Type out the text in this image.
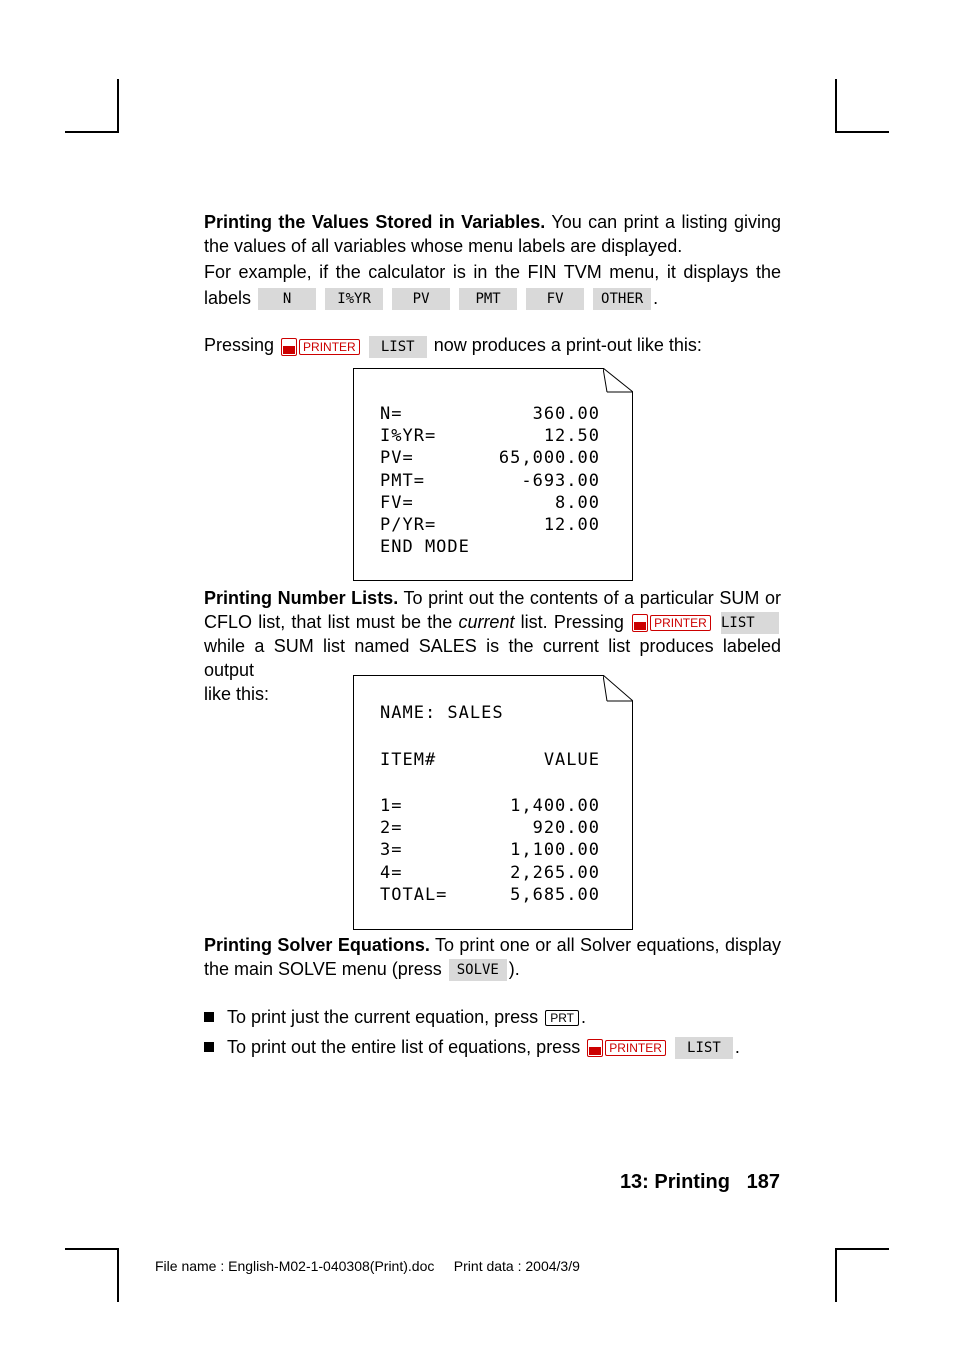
Printing the Values Stored in Variables. You can print a listing giving
the values of all variables whose menu labels are displayed.
For example, if the calculator is in the FIN TVM menu, it displays the
labels N	I%YR	PV	PMT	FV	OTHER .
Pressing PRINTER LIST now produces a print-out like this:
N=	360.00
I%YR=	12.50
PV=	65,000.00
PMT=	-693.00
FV=	8.00
P/YR=	12.00
END MODE
Printing Number Lists. To print out the contents of a particular SUM or
CFLO list, that list must be the current list. Pressing	PRINTER LIST
while a SUM list named SALES is the current list produces labeled output
like this:
NAME: SALES
ITEM#	VALUE
1=	1,400.00
2=	920.00
3=	1,100.00
4=	2,265.00
TOTAL=	5,685.00
Printing Solver Equations. To print one or all Solver equations, display
the main SOLVE menu (press SOLVE ).
To print just the current equation, press PRT .
To print out the entire list of equations, press PRINTER LIST .
13: Printing 187
File name : English-M02-1-040308(Print).doc     Print data : 2004/3/9
